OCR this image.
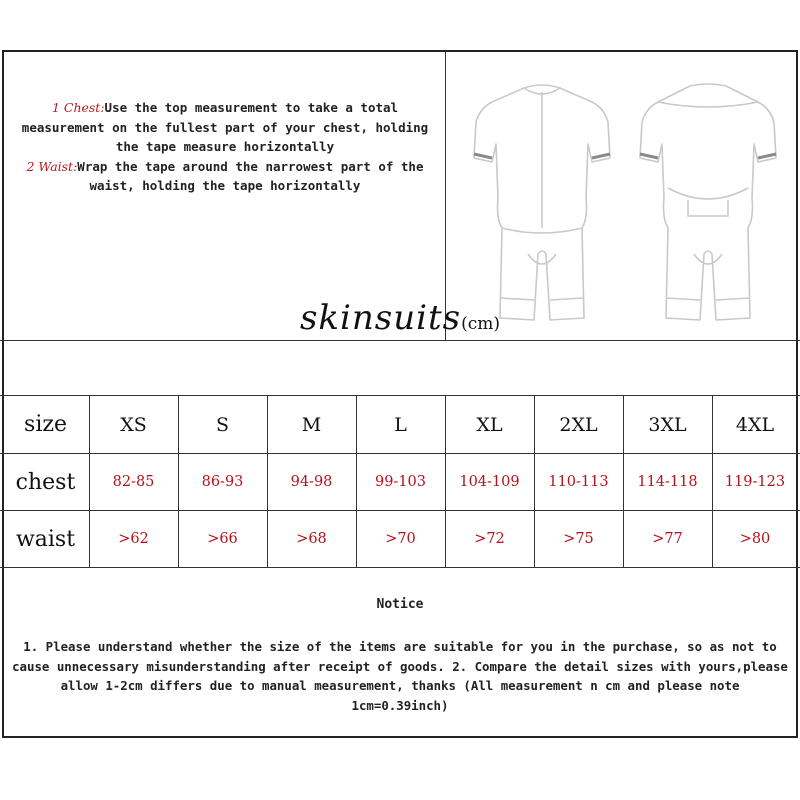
1 Chest:Use the top measurement to take a total measurement on the fullest part of your chest, holding the tape measure horizontally

2 Waist:Wrap the tape around the narrowest part of the waist, holding the tape horizontally

skinsuits(cm)
size	XS	S	M	L	XL	2XL	3XL	4XL
chest	82-85	86-93	94-98	99-103	104-109	110-113	114-118	119-123
waist	>62	>66	>68	>70	>72	>75	>77	>80
Notice
1. Please understand whether the size of the items are suitable for you in the purchase, so as not to cause unnecessary misunderstanding after receipt of goods. 2. Compare the detail sizes with yours,please allow 1-2cm differs due to manual measurement, thanks (All measurement n cm and please note 1cm=0.39inch)
